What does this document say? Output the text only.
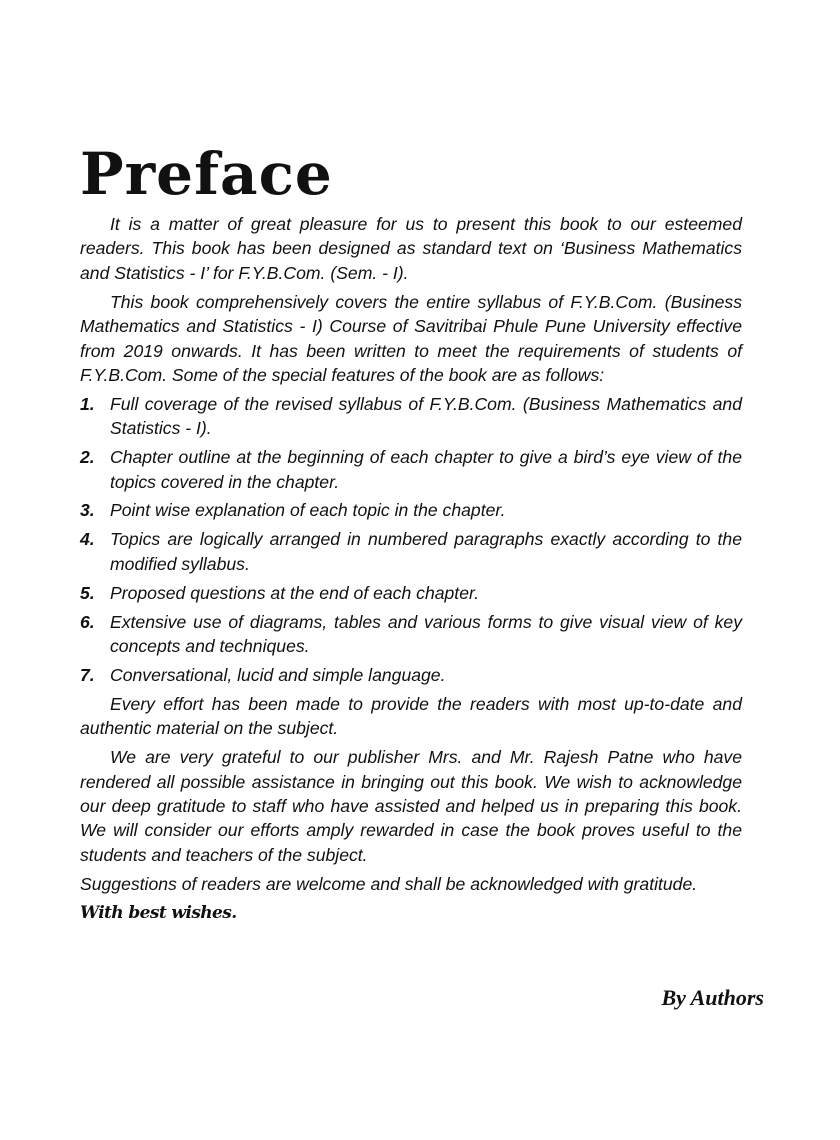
Preface

It is a matter of great pleasure for us to present this book to our esteemed readers. This book has been designed as standard text on ‘Business Mathematics and Statistics - I’ for F.Y.B.Com. (Sem. - I).

This book comprehensively covers the entire syllabus of F.Y.B.Com. (Business Mathematics and Statistics - I) Course of Savitribai Phule Pune University effective from 2019 onwards. It has been written to meet the requirements of students of F.Y.B.Com. Some of the special features of the book are as follows:

1. Full coverage of the revised syllabus of F.Y.B.Com. (Business Mathematics and Statistics - I).
2. Chapter outline at the beginning of each chapter to give a bird’s eye view of the topics covered in the chapter.
3. Point wise explanation of each topic in the chapter.
4. Topics are logically arranged in numbered paragraphs exactly according to the modified syllabus.
5. Proposed questions at the end of each chapter.
6. Extensive use of diagrams, tables and various forms to give visual view of key concepts and techniques.
7. Conversational, lucid and simple language.

Every effort has been made to provide the readers with most up-to-date and authentic material on the subject.

We are very grateful to our publisher Mrs. and Mr. Rajesh Patne who have rendered all possible assistance in bringing out this book. We wish to acknowledge our deep gratitude to staff who have assisted and helped us in preparing this book. We will consider our efforts amply rewarded in case the book proves useful to the students and teachers of the subject.

Suggestions of readers are welcome and shall be acknowledged with gratitude.

With best wishes.

By Authors
